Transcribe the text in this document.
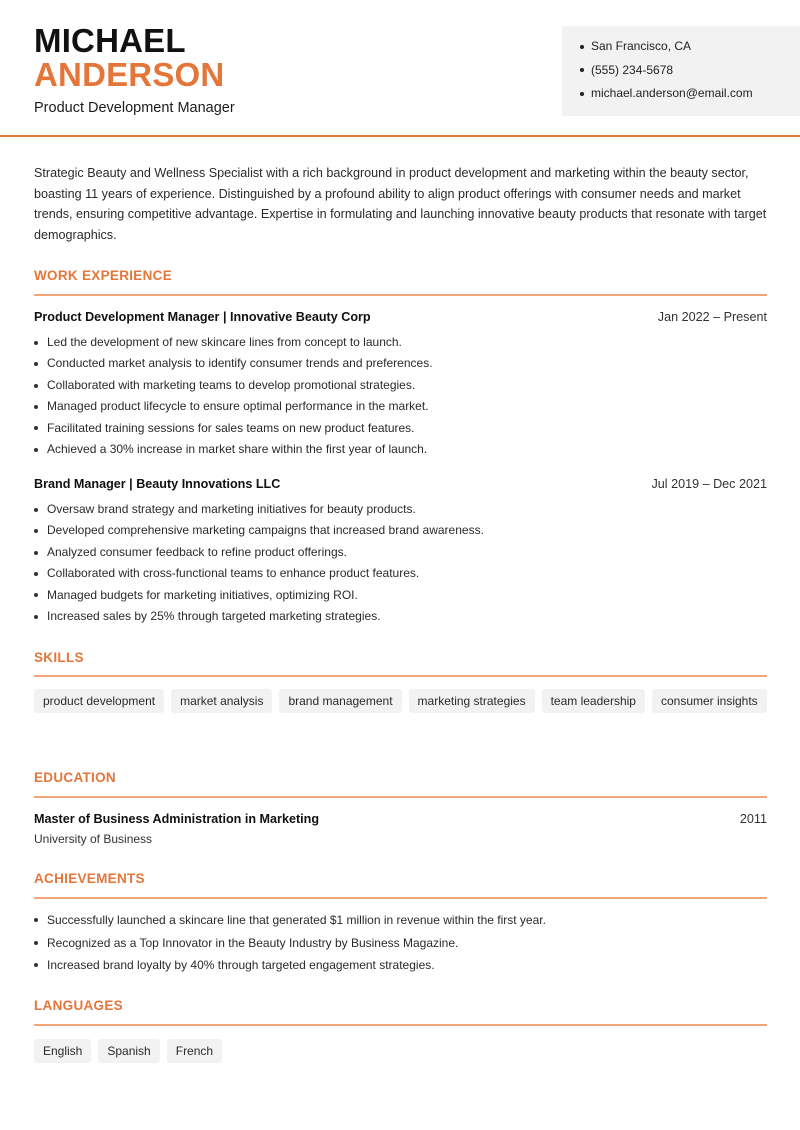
MICHAEL
ANDERSON
Product Development Manager
San Francisco, CA
(555) 234-5678
michael.anderson@email.com

Strategic Beauty and Wellness Specialist with a rich background in product development and marketing within the beauty sector, boasting 11 years of experience. Distinguished by a profound ability to align product offerings with consumer needs and market trends, ensuring competitive advantage. Expertise in formulating and launching innovative beauty products that resonate with target demographics.

WORK EXPERIENCE
Product Development Manager | Innovative Beauty Corp	Jan 2022 – Present
Led the development of new skincare lines from concept to launch.
Conducted market analysis to identify consumer trends and preferences.
Collaborated with marketing teams to develop promotional strategies.
Managed product lifecycle to ensure optimal performance in the market.
Facilitated training sessions for sales teams on new product features.
Achieved a 30% increase in market share within the first year of launch.
Brand Manager | Beauty Innovations LLC	Jul 2019 – Dec 2021
Oversaw brand strategy and marketing initiatives for beauty products.
Developed comprehensive marketing campaigns that increased brand awareness.
Analyzed consumer feedback to refine product offerings.
Collaborated with cross-functional teams to enhance product features.
Managed budgets for marketing initiatives, optimizing ROI.
Increased sales by 25% through targeted marketing strategies.
SKILLS
product development	market analysis	brand management	marketing strategies	team leadership	consumer insights
EDUCATION
Master of Business Administration in Marketing	2011
University of Business
ACHIEVEMENTS
Successfully launched a skincare line that generated $1 million in revenue within the first year.
Recognized as a Top Innovator in the Beauty Industry by Business Magazine.
Increased brand loyalty by 40% through targeted engagement strategies.
LANGUAGES
English	Spanish	French
